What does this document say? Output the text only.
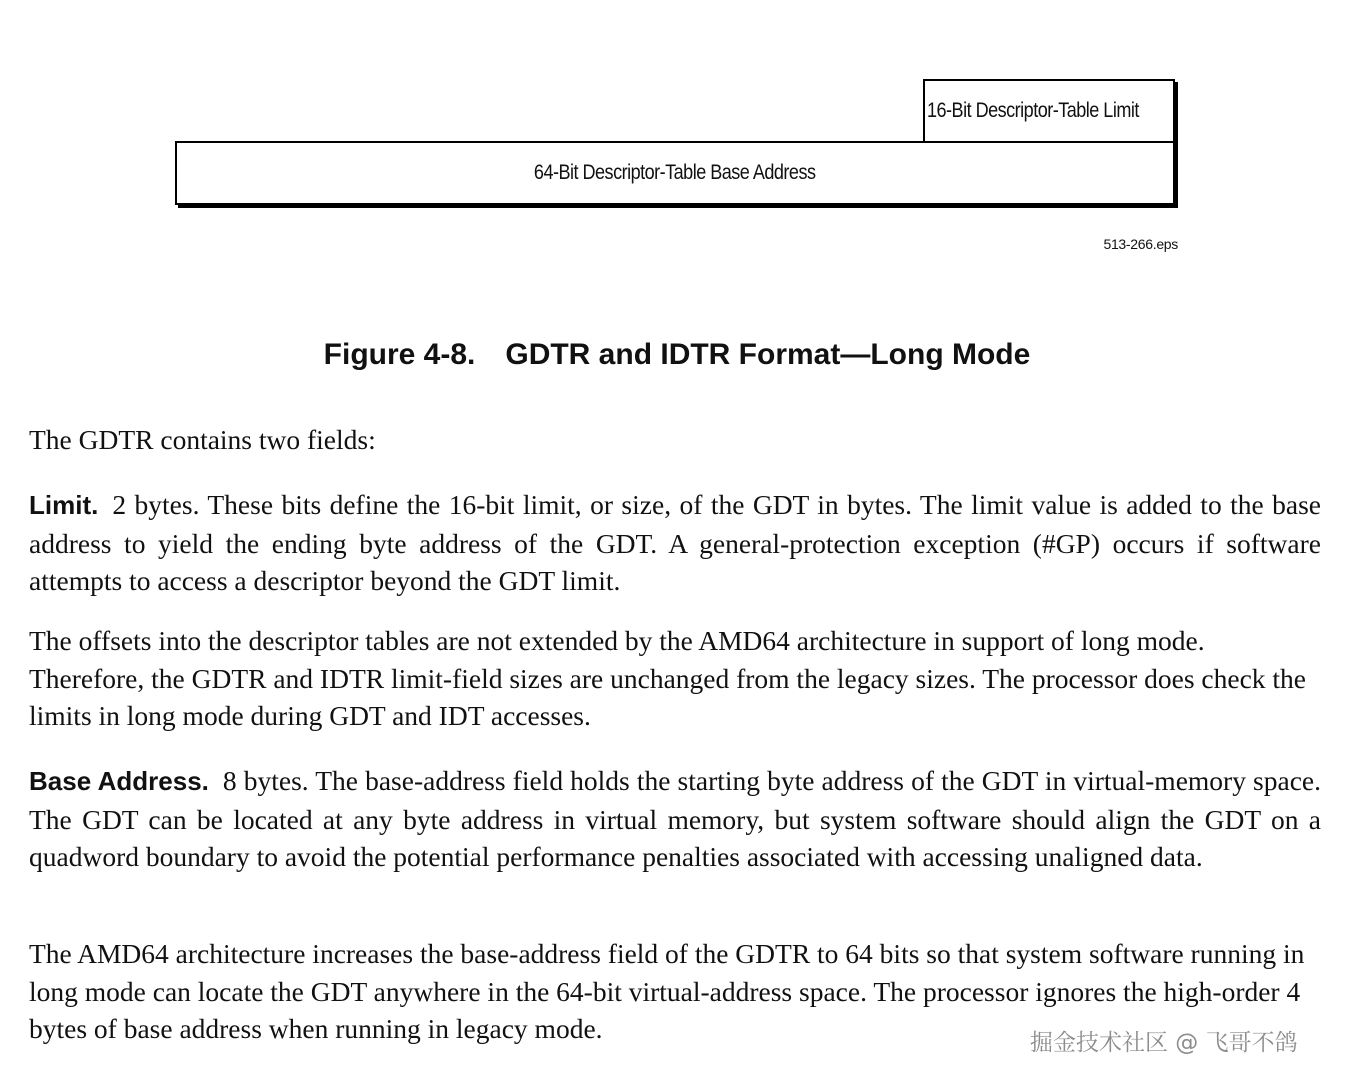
16-Bit Descriptor-Table Limit
64-Bit Descriptor-Table Base Address
513-266.eps
Figure 4-8. GDTR and IDTR Format—Long Mode

The GDTR contains two fields:

Limit. 2 bytes. These bits define the 16-bit limit, or size, of the GDT in bytes. The limit value is added to the base address to yield the ending byte address of the GDT. A general-protection exception (#GP) occurs if software attempts to access a descriptor beyond the GDT limit.

The offsets into the descriptor tables are not extended by the AMD64 architecture in support of long mode. Therefore, the GDTR and IDTR limit-field sizes are unchanged from the legacy sizes. The processor does check the limits in long mode during GDT and IDT accesses.

Base Address. 8 bytes. The base-address field holds the starting byte address of the GDT in virtual-memory space. The GDT can be located at any byte address in virtual memory, but system software should align the GDT on a quadword boundary to avoid the potential performance penalties associated with accessing unaligned data.

The AMD64 architecture increases the base-address field of the GDTR to 64 bits so that system software running in long mode can locate the GDT anywhere in the 64-bit virtual-address space. The processor ignores the high-order 4 bytes of base address when running in legacy mode.	掘金技术社区 @ 飞哥不鸽
